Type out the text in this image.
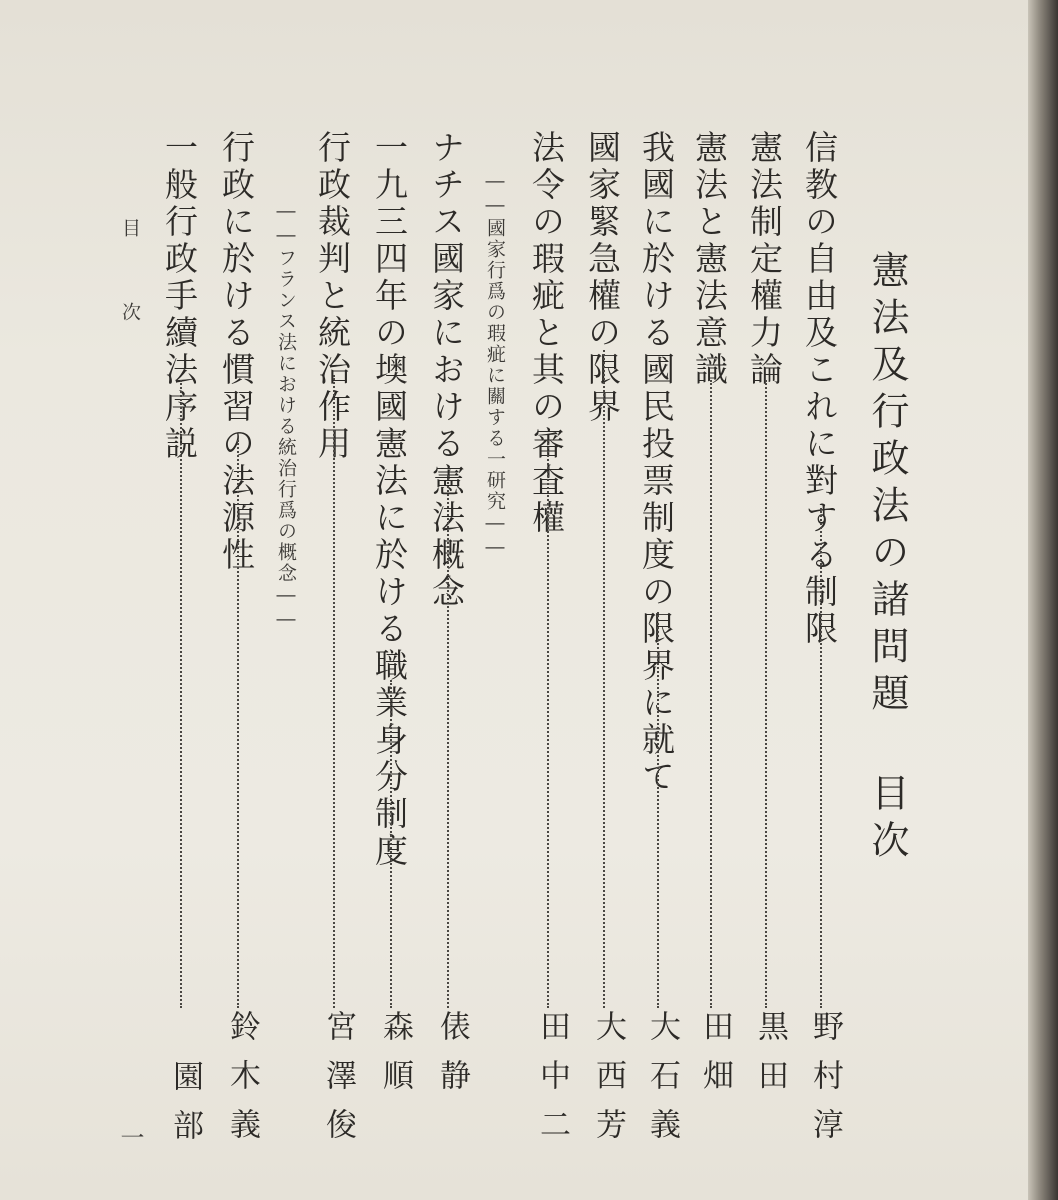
憲法及行政法の諸問題 目次
信教の自由及これに對する制限
野村淳
憲法制定權力論
黒田
憲法と憲法意識
田畑
我國に於ける國民投票制度の限界に就て
大石義
國家緊急權の限界
大西芳
法令の瑕疵と其の審査權
田中二
――國家行爲の瑕疵に關する一研究――
ナチス國家における憲法概念
俵静
一九三四年の墺國憲法に於ける職業身分制度
森順
行政裁判と統治作用
宮澤俊
――フランス法における統治行爲の概念――
行政に於ける慣習の法源性
鈴木義
一般行政手續法序説
園部
目
次
一
